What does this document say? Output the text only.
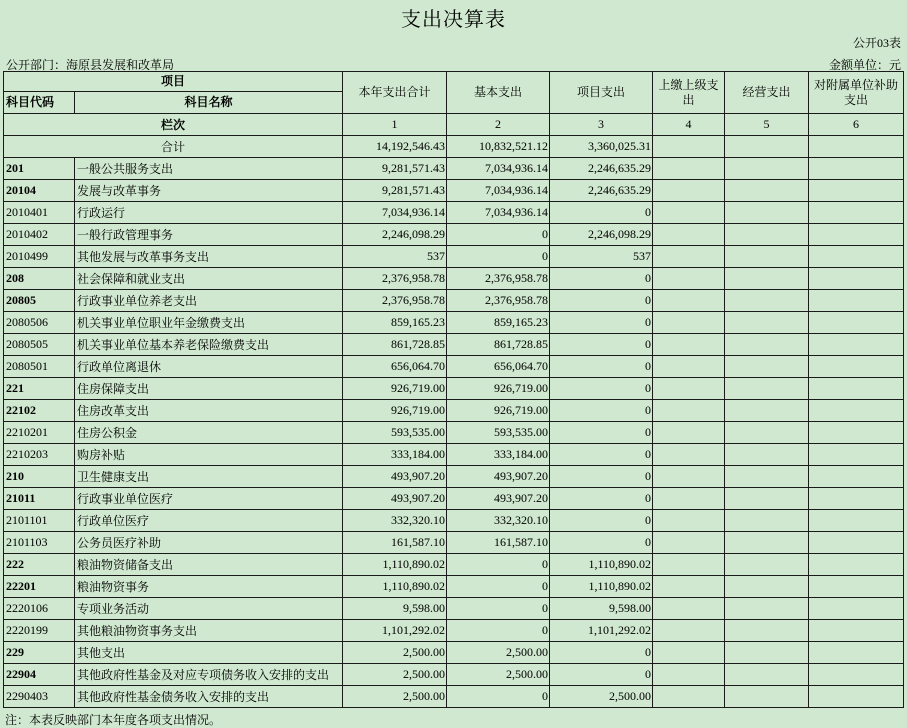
支出决算表
公开03表
公开部门：海原县发展和改革局	金额单位：元
项目		本年支出合计	基本支出	项目支出	上缴上级支出	经营支出	对附属单位补助支出
科目代码	科目名称						
栏次		1	2	3	4	5	6
合计		14,192,546.43	10,832,521.12	3,360,025.31			
201	一般公共服务支出	9,281,571.43	7,034,936.14	2,246,635.29			
20104	发展与改革事务	9,281,571.43	7,034,936.14	2,246,635.29			
2010401	行政运行	7,034,936.14	7,034,936.14	0			
2010402	一般行政管理事务	2,246,098.29	0	2,246,098.29			
2010499	其他发展与改革事务支出	537	0	537			
208	社会保障和就业支出	2,376,958.78	2,376,958.78	0			
20805	行政事业单位养老支出	2,376,958.78	2,376,958.78	0			
2080506	机关事业单位职业年金缴费支出	859,165.23	859,165.23	0			
2080505	机关事业单位基本养老保险缴费支出	861,728.85	861,728.85	0			
2080501	行政单位离退休	656,064.70	656,064.70	0			
221	住房保障支出	926,719.00	926,719.00	0			
22102	住房改革支出	926,719.00	926,719.00	0			
2210201	住房公积金	593,535.00	593,535.00	0			
2210203	购房补贴	333,184.00	333,184.00	0			
210	卫生健康支出	493,907.20	493,907.20	0			
21011	行政事业单位医疗	493,907.20	493,907.20	0			
2101101	行政单位医疗	332,320.10	332,320.10	0			
2101103	公务员医疗补助	161,587.10	161,587.10	0			
222	粮油物资储备支出	1,110,890.02	0	1,110,890.02			
22201	粮油物资事务	1,110,890.02	0	1,110,890.02			
2220106	专项业务活动	9,598.00	0	9,598.00			
2220199	其他粮油物资事务支出	1,101,292.02	0	1,101,292.02			
229	其他支出	2,500.00	2,500.00	0			
22904	其他政府性基金及对应专项债务收入安排的支出	2,500.00	2,500.00	0			
2290403	其他政府性基金债务收入安排的支出	2,500.00	0	2,500.00			
注：本表反映部门本年度各项支出情况。
